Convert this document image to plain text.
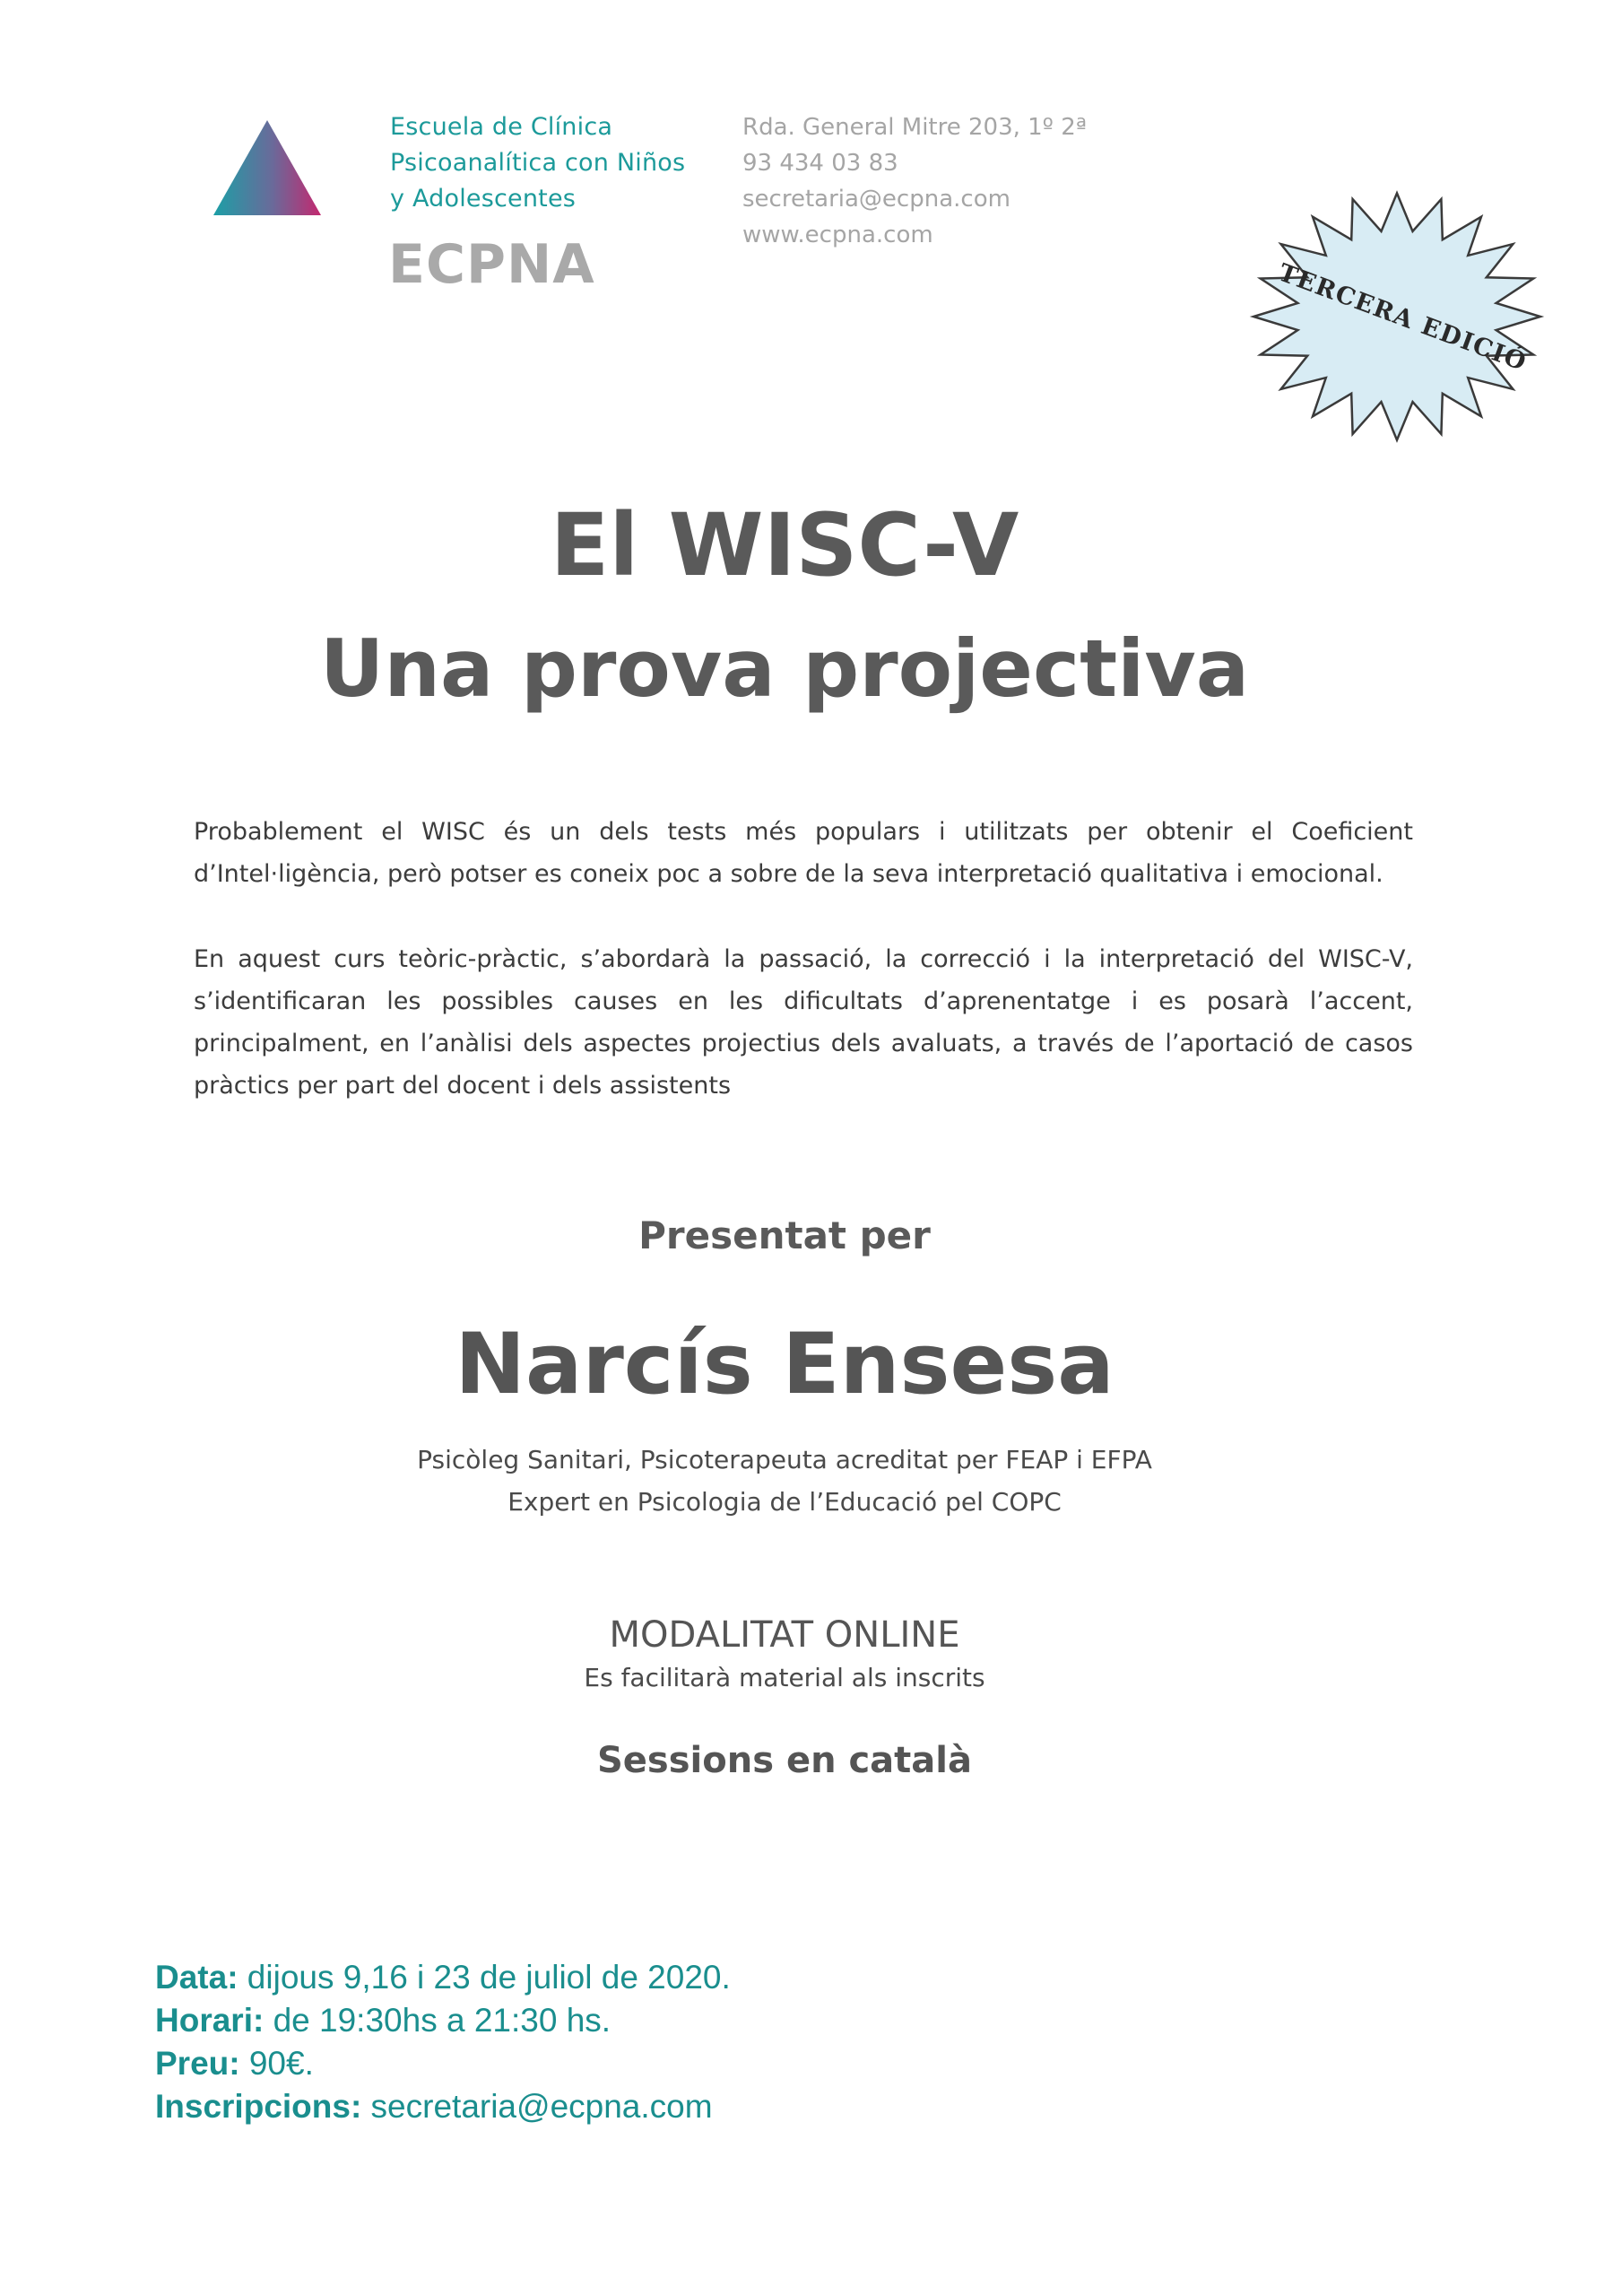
Escuela de Clínica
Psicoanalítica con Niños
y Adolescentes
ECPNA
Rda. General Mitre 203, 1º 2ª
93 434 03 83
secretaria@ecpna.com
www.ecpna.com
TERCERA EDICIÓ
El WISC-V
Una prova projectiva
Probablement el WISC és un dels tests més populars i utilitzats per obtenir el Coeficient d’Intel·ligència, però potser es coneix poc a sobre de la seva interpretació qualitativa i emocional.
En aquest curs teòric-pràctic, s’abordarà la passació, la correcció i la interpretació del WISC-V, s’identificaran les possibles causes en les dificultats d’aprenentatge i es posarà l’accent, principalment, en l’anàlisi dels aspectes projectius dels avaluats, a través de l’aportació de casos pràctics per part del docent i dels assistents
Presentat per
Narcís Ensesa
Psicòleg Sanitari, Psicoterapeuta acreditat per FEAP i EFPA
Expert en Psicologia de l’Educació pel COPC
MODALITAT ONLINE
Es facilitarà material als inscrits
Sessions en català
Data: dijous 9,16 i 23 de juliol de 2020.
Horari: de 19:30hs a 21:30 hs.
Preu: 90€.
Inscripcions: secretaria@ecpna.com
